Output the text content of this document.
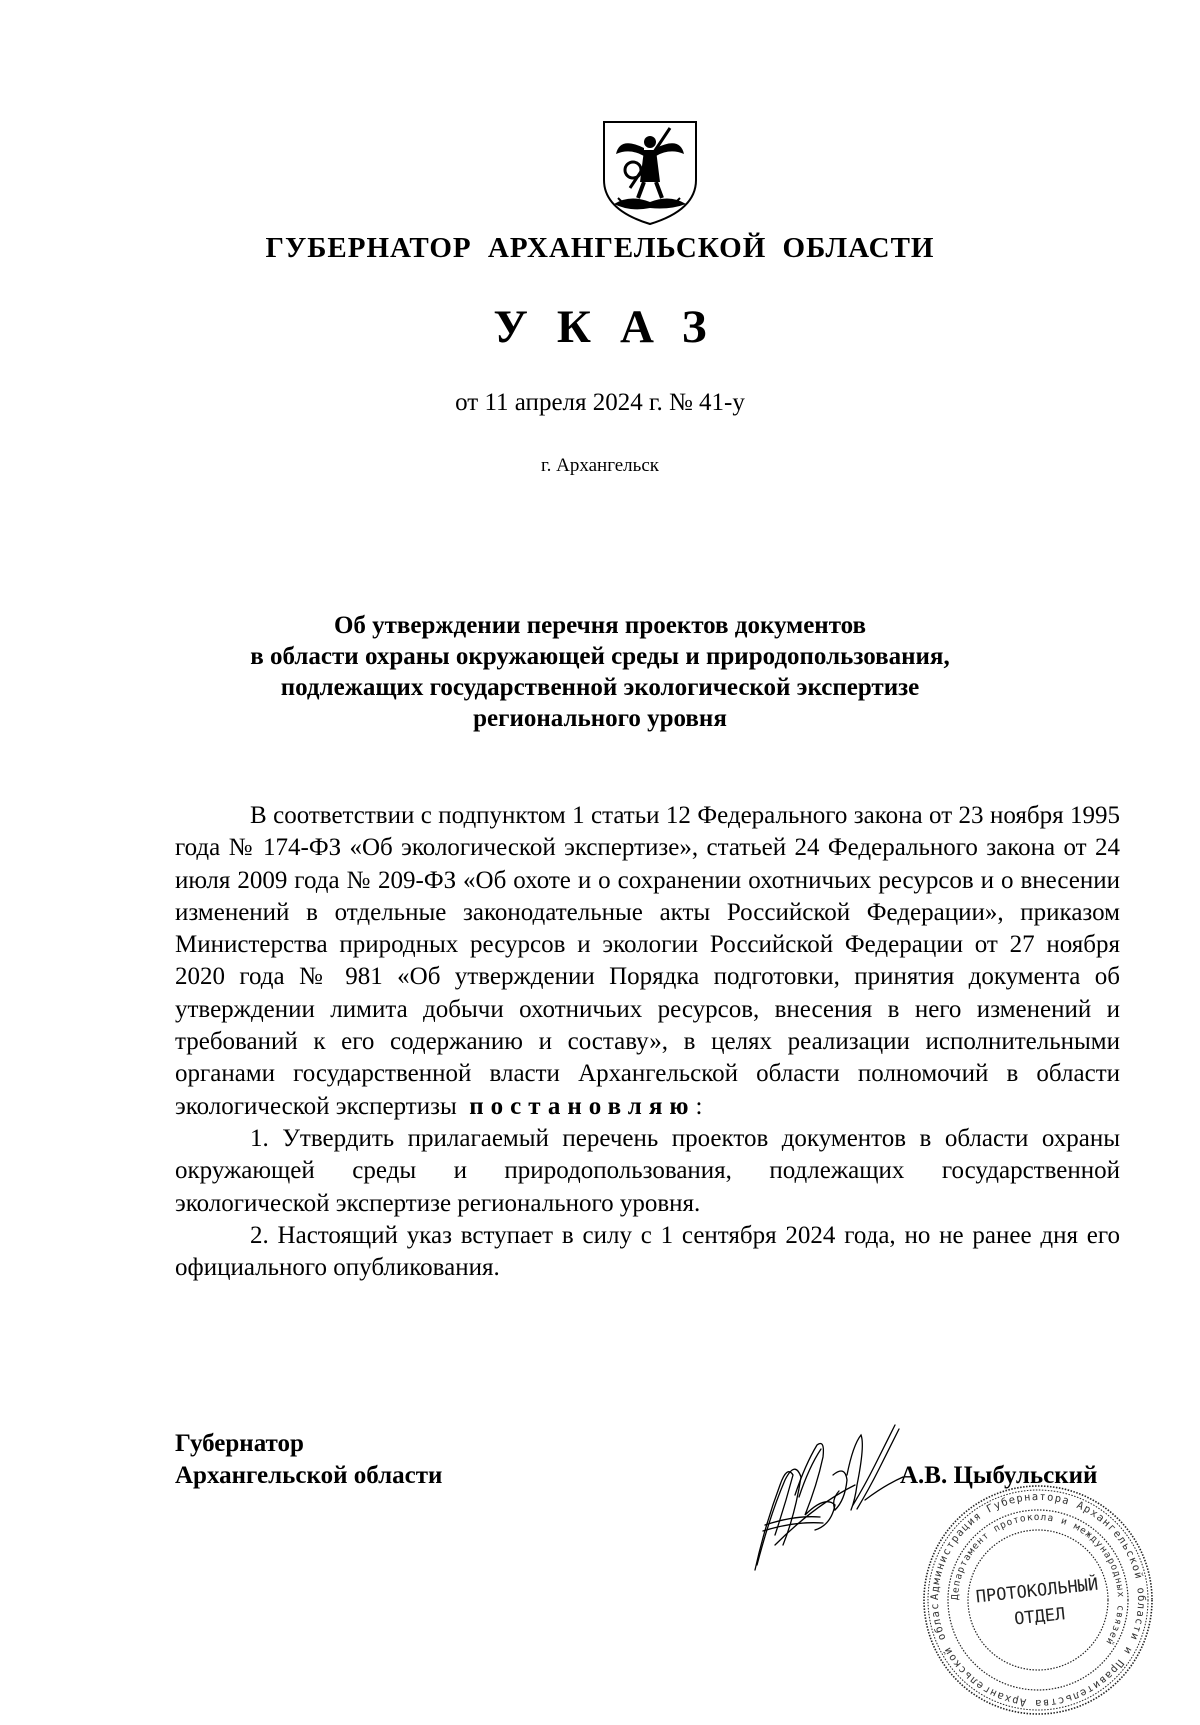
ГУБЕРНАТОР АРХАНГЕЛЬСКОЙ ОБЛАСТИ
УКАЗ
от 11 апреля 2024 г. № 41-у
г. Архангельск
Об утверждении перечня проектов документов
в области охраны окружающей среды и природопользования,
подлежащих государственной экологической экспертизе
регионального уровня

В соответствии с подпунктом 1 статьи 12 Федерального закона от 23 ноября 1995 года № 174-ФЗ «Об экологической экспертизе», статьей 24 Федерального закона от 24 июля 2009 года № 209-ФЗ «Об охоте и о сохранении охотничьих ресурсов и о внесении изменений в отдельные законодательные акты Российской Федерации», приказом Министерства природных ресурсов и экологии Российской Федерации от 27 ноября 2020 года № 981 «Об утверждении Порядка подготовки, принятия документа об утверждении лимита добычи охотничьих ресурсов, внесения в него изменений и требований к его содержанию и составу», в целях реализации исполнительными органами государственной власти Архангельской области полномочий в области экологической экспертизы постановляю:

1. Утвердить прилагаемый перечень проектов документов в области охраны окружающей среды и природопользования, подлежащих государственной экологической экспертизе регионального уровня.

2. Настоящий указ вступает в силу с 1 сентября 2024 года, но не ранее дня его официального опубликования.

Губернатор
Архангельской области	А.В. Цыбульский
Администрация Губернатора Архангельской области и Правительства Архангельской облас
Департамент протокола и международных связей
ПРОТОКОЛЬНЫЙ
ОТДЕЛ
